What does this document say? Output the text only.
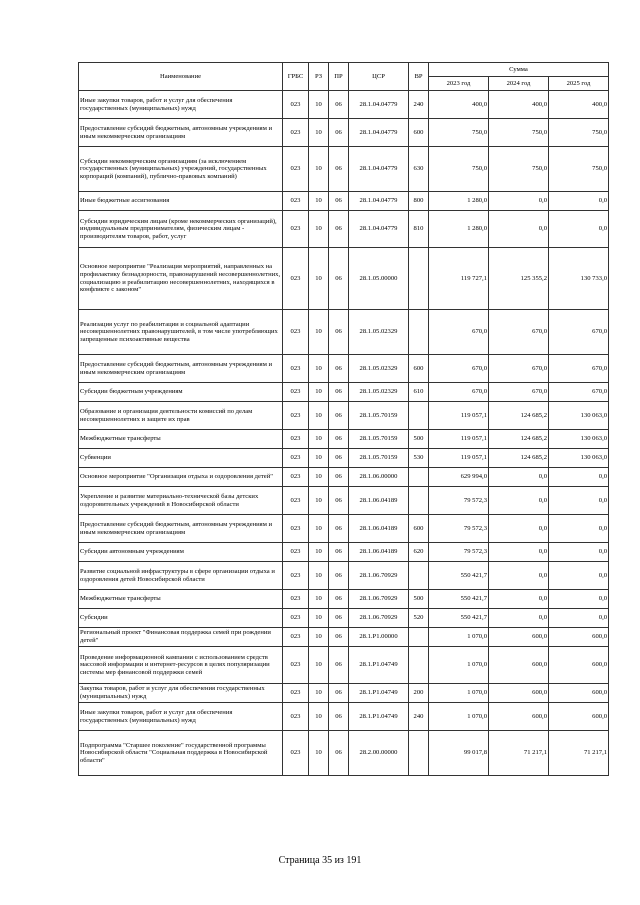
Наименование	ГРБС	РЗ	ПР	ЦСР	ВР	Сумма		
						2023 год	2024 год	2025 год
Иные закупки товаров, работ и услуг для обеспечения государственных (муниципальных) нужд	023	10	06	28.1.04.04779	240	400,0	400,0	400,0
Предоставление субсидий бюджетным, автономным учреждениям и иным некоммерческим организациям	023	10	06	28.1.04.04779	600	750,0	750,0	750,0
Субсидии некоммерческим организациям (за исключением государственных (муниципальных) учреждений, государственных корпораций (компаний), публично-правовых компаний)	023	10	06	28.1.04.04779	630	750,0	750,0	750,0
Иные бюджетные ассигнования	023	10	06	28.1.04.04779	800	1 280,0	0,0	0,0
Субсидии юридическим лицам (кроме некоммерческих организаций), индивидуальным предпринимателям, физическим лицам - производителям товаров, работ, услуг	023	10	06	28.1.04.04779	810	1 280,0	0,0	0,0
Основное мероприятие "Реализация мероприятий, направленных на профилактику безнадзорности, правонарушений несовершеннолетних, социализацию и реабилитацию несовершеннолетних, находящихся в конфликте с законом"	023	10	06	28.1.05.00000		119 727,1	125 355,2	130 733,0
Реализация услуг по реабилитации и социальной адаптации несовершеннолетних правонарушителей, в том числе употребляющих запрещенные психоактивные вещества	023	10	06	28.1.05.02329		670,0	670,0	670,0
Предоставление субсидий бюджетным, автономным учреждениям и иным некоммерческим организациям	023	10	06	28.1.05.02329	600	670,0	670,0	670,0
Субсидии бюджетным учреждениям	023	10	06	28.1.05.02329	610	670,0	670,0	670,0
Образование и организация деятельности комиссий по делам несовершеннолетних и защите их прав	023	10	06	28.1.05.70159		119 057,1	124 685,2	130 063,0
Межбюджетные трансферты	023	10	06	28.1.05.70159	500	119 057,1	124 685,2	130 063,0
Субвенции	023	10	06	28.1.05.70159	530	119 057,1	124 685,2	130 063,0
Основное мероприятие "Организация отдыха и оздоровления детей"	023	10	06	28.1.06.00000		629 994,0	0,0	0,0
Укрепление и развитие материально-технической базы детских оздоровительных учреждений в Новосибирской области	023	10	06	28.1.06.04189		79 572,3	0,0	0,0
Предоставление субсидий бюджетным, автономным учреждениям и иным некоммерческим организациям	023	10	06	28.1.06.04189	600	79 572,3	0,0	0,0
Субсидии автономным учреждениям	023	10	06	28.1.06.04189	620	79 572,3	0,0	0,0
Развитие социальной инфраструктуры в сфере организации отдыха и оздоровления детей Новосибирской области	023	10	06	28.1.06.70929		550 421,7	0,0	0,0
Межбюджетные трансферты	023	10	06	28.1.06.70929	500	550 421,7	0,0	0,0
Субсидии	023	10	06	28.1.06.70929	520	550 421,7	0,0	0,0
Региональный проект "Финансовая поддержка семей при рождении детей"	023	10	06	28.1.P1.00000		1 070,0	600,0	600,0
Проведение информационной кампании с использованием средств массовой информации и интернет-ресурсов в целях популяризации системы мер финансовой поддержки семей	023	10	06	28.1.P1.04749		1 070,0	600,0	600,0
Закупка товаров, работ и услуг для обеспечения государственных (муниципальных) нужд	023	10	06	28.1.P1.04749	200	1 070,0	600,0	600,0
Иные закупки товаров, работ и услуг для обеспечения государственных (муниципальных) нужд	023	10	06	28.1.P1.04749	240	1 070,0	600,0	600,0
Подпрограмма "Старшее поколение" государственной программы Новосибирской области "Социальная поддержка в Новосибирской области"	023	10	06	28.2.00.00000		99 017,8	71 217,1	71 217,1
Страница 35 из 191
